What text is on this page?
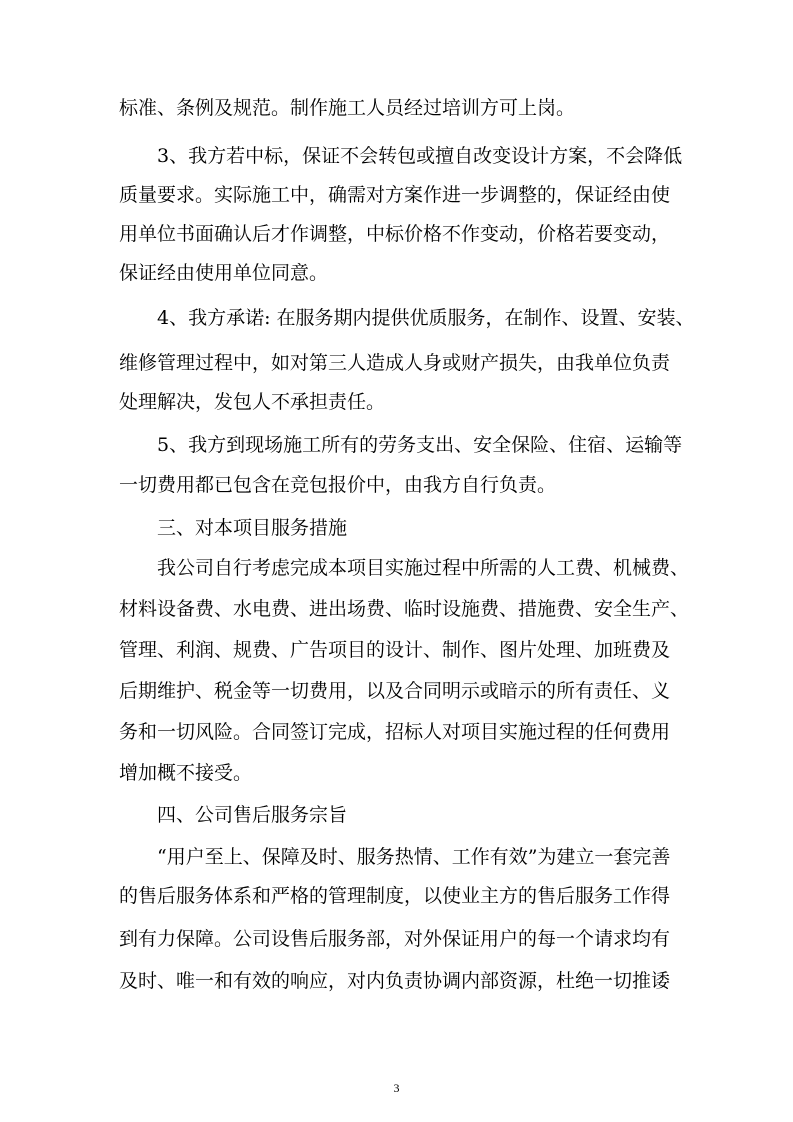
标准、条例及规范。制作施工人员经过培训方可上岗。
3、我方若中标，保证不会转包或擅自改变设计方案，不会降低
质量要求。实际施工中，确需对方案作进一步调整的，保证经由使
用单位书面确认后才作调整，中标价格不作变动，价格若要变动，
保证经由使用单位同意。
4、我方承诺: 在服务期内提供优质服务，在制作、设置、安装、
维修管理过程中，如对第三人造成人身或财产损失，由我单位负责
处理解决，发包人不承担责任。
5、我方到现场施工所有的劳务支出、安全保险、住宿、运输等
一切费用都已包含在竞包报价中，由我方自行负责。
三、对本项目服务措施
我公司自行考虑完成本项目实施过程中所需的人工费、机械费、
材料设备费、水电费、进出场费、临时设施费、措施费、安全生产、
管理、利润、规费、广告项目的设计、制作、图片处理、加班费及
后期维护、税金等一切费用，以及合同明示或暗示的所有责任、义
务和一切风险。合同签订完成，招标人对项目实施过程的任何费用
增加概不接受。
四、公司售后服务宗旨
“用户至上、保障及时、服务热情、工作有效”为建立一套完善
的售后服务体系和严格的管理制度，以使业主方的售后服务工作得
到有力保障。公司设售后服务部，对外保证用户的每一个请求均有
及时、唯一和有效的响应，对内负责协调内部资源，杜绝一切推诿
3
